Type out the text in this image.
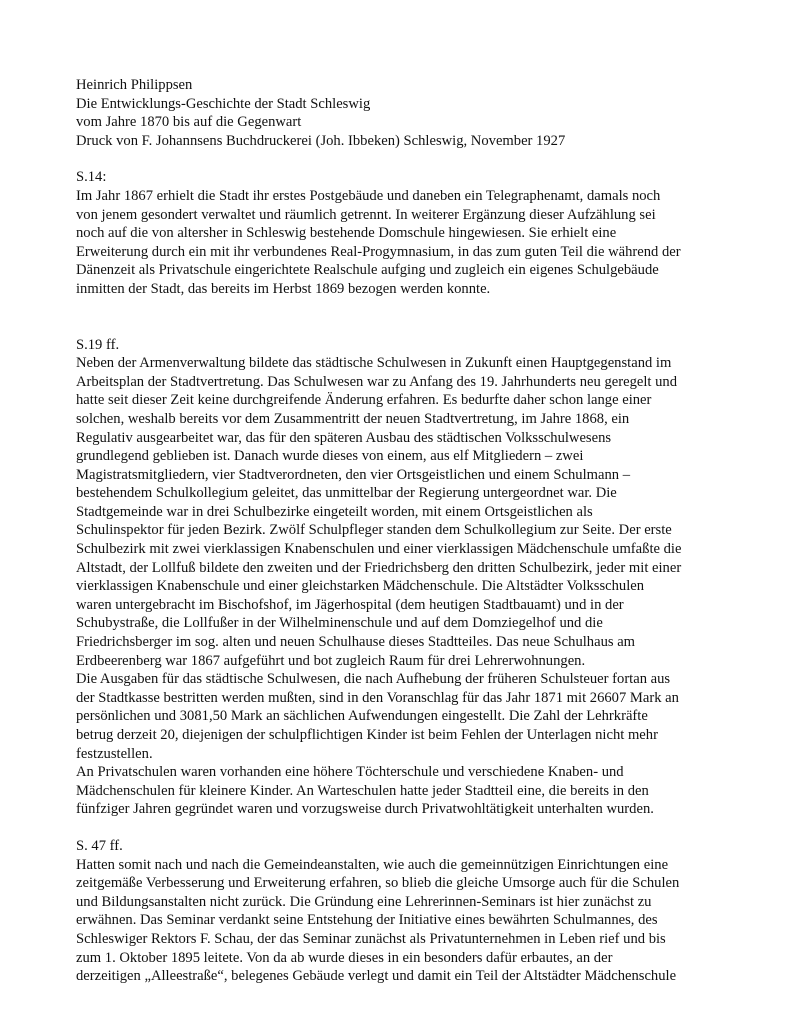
Heinrich Philippsen
Die Entwicklungs-Geschichte der Stadt Schleswig
vom Jahre 1870 bis auf die Gegenwart
Druck von F. Johannsens Buchdruckerei (Joh. Ibbeken) Schleswig, November 1927
S.14:
Im Jahr 1867 erhielt die Stadt ihr erstes Postgebäude und daneben ein Telegraphenamt, damals noch
von jenem gesondert verwaltet und räumlich getrennt. In weiterer Ergänzung dieser Aufzählung sei
noch auf die von altersher in Schleswig bestehende Domschule hingewiesen. Sie erhielt eine
Erweiterung durch ein mit ihr verbundenes Real-Progymnasium, in das zum guten Teil die während der
Dänenzeit als Privatschule eingerichtete Realschule aufging und zugleich ein eigenes Schulgebäude
inmitten der Stadt, das bereits im Herbst 1869 bezogen werden konnte.
S.19 ff.
Neben der Armenverwaltung bildete das städtische Schulwesen in Zukunft einen Hauptgegenstand im
Arbeitsplan der Stadtvertretung. Das Schulwesen war zu Anfang des 19. Jahrhunderts neu geregelt und
hatte seit dieser Zeit keine durchgreifende Änderung erfahren. Es bedurfte daher schon lange einer
solchen, weshalb bereits vor dem Zusammentritt der neuen Stadtvertretung, im Jahre 1868, ein
Regulativ ausgearbeitet war, das für den späteren Ausbau des städtischen Volksschulwesens
grundlegend geblieben ist. Danach wurde dieses von einem, aus elf Mitgliedern – zwei
Magistratsmitgliedern, vier Stadtverordneten, den vier Ortsgeistlichen und einem Schulmann –
bestehendem Schulkollegium geleitet, das unmittelbar der Regierung untergeordnet war. Die
Stadtgemeinde war in drei Schulbezirke eingeteilt worden, mit einem Ortsgeistlichen als
Schulinspektor für jeden Bezirk. Zwölf Schulpfleger standen dem Schulkollegium zur Seite. Der erste
Schulbezirk mit zwei vierklassigen Knabenschulen und einer vierklassigen Mädchenschule umfaßte die
Altstadt, der Lollfuß bildete den zweiten und der Friedrichsberg den dritten Schulbezirk, jeder mit einer
vierklassigen Knabenschule und einer gleichstarken Mädchenschule. Die Altstädter Volksschulen
waren untergebracht im Bischofshof, im Jägerhospital (dem heutigen Stadtbauamt) und in der
Schubystraße, die Lollfußer in der Wilhelminenschule und auf dem Domziegelhof und die
Friedrichsberger im sog. alten und neuen Schulhause dieses Stadtteiles. Das neue Schulhaus am
Erdbeerenberg war 1867 aufgeführt und bot zugleich Raum für drei Lehrerwohnungen.
Die Ausgaben für das städtische Schulwesen, die nach Aufhebung der früheren Schulsteuer fortan aus
der Stadtkasse bestritten werden mußten, sind in den Voranschlag für das Jahr 1871 mit 26607 Mark an
persönlichen und 3081,50 Mark an sächlichen Aufwendungen eingestellt. Die Zahl der Lehrkräfte
betrug derzeit 20, diejenigen der schulpflichtigen Kinder ist beim Fehlen der Unterlagen nicht mehr
festzustellen.
An Privatschulen waren vorhanden eine höhere Töchterschule und verschiedene Knaben- und
Mädchenschulen für kleinere Kinder. An Warteschulen hatte jeder Stadtteil eine, die bereits in den
fünfziger Jahren gegründet waren und vorzugsweise durch Privatwohltätigkeit unterhalten wurden.
S. 47 ff.
Hatten somit nach und nach die Gemeindeanstalten, wie auch die gemeinnützigen Einrichtungen eine
zeitgemäße Verbesserung und Erweiterung erfahren, so blieb die gleiche Umsorge auch für die Schulen
und Bildungsanstalten nicht zurück. Die Gründung eine Lehrerinnen-Seminars ist hier zunächst zu
erwähnen. Das Seminar verdankt seine Entstehung der Initiative eines bewährten Schulmannes, des
Schleswiger Rektors F. Schau, der das Seminar zunächst als Privatunternehmen in Leben rief und bis
zum 1. Oktober 1895 leitete. Von da ab wurde dieses in ein besonders dafür erbautes, an der
derzeitigen „Alleestraße“, belegenes Gebäude verlegt und damit ein Teil der Altstädter Mädchenschule
